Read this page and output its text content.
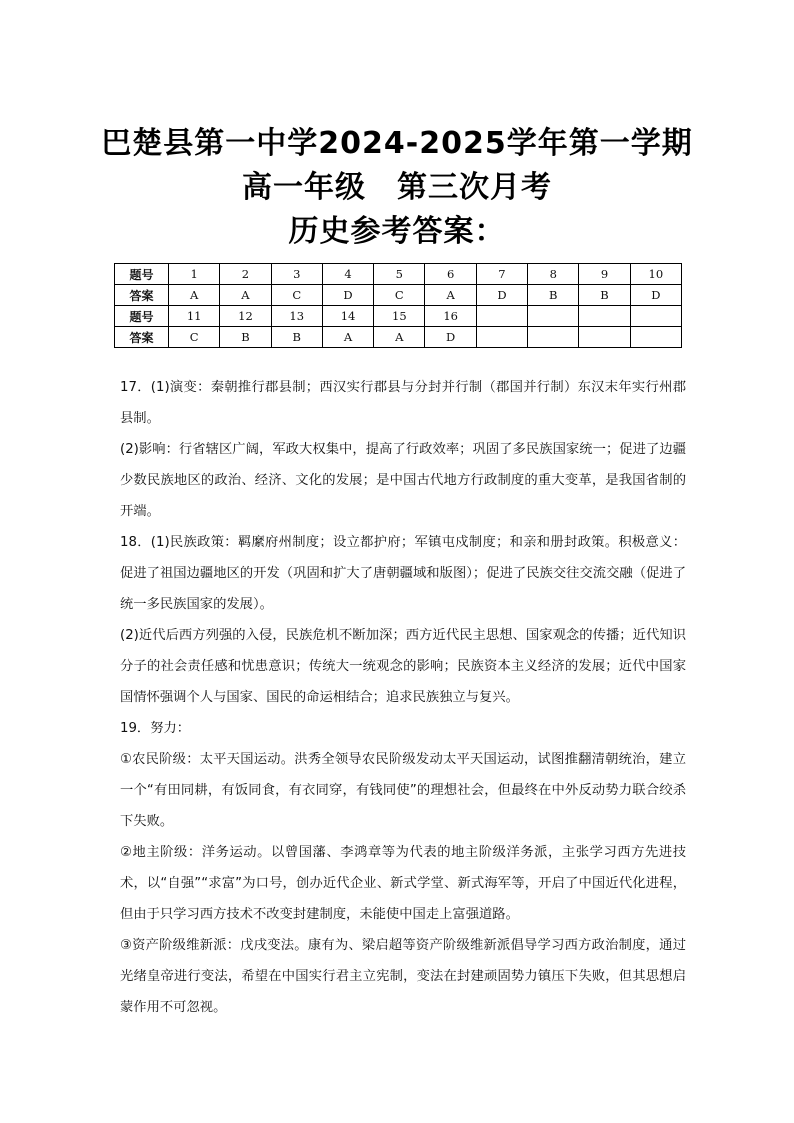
巴楚县第一中学2024-2025学年第一学期
高一年级　第三次月考
历史参考答案：
题号	1	2	3	4	5	6	7	8	9	10
答案	A	A	C	D	C	A	D	B	B	D
题号	11	12	13	14	15	16				
答案	C	B	B	A	A	D				

17．(1)演变：秦朝推行郡县制；西汉实行郡县与分封并行制（郡国并行制）东汉末年实行州郡县制。

(2)影响：行省辖区广阔，军政大权集中，提高了行政效率；巩固了多民族国家统一；促进了边疆少数民族地区的政治、经济、文化的发展；是中国古代地方行政制度的重大变革，是我国省制的开端。

18．(1)民族政策：羁縻府州制度；设立都护府；军镇屯戍制度；和亲和册封政策。积极意义：促进了祖国边疆地区的开发（巩固和扩大了唐朝疆域和版图）；促进了民族交往交流交融（促进了统一多民族国家的发展）。

(2)近代后西方列强的入侵，民族危机不断加深；西方近代民主思想、国家观念的传播；近代知识分子的社会责任感和忧患意识；传统大一统观念的影响；民族资本主义经济的发展；近代中国家国情怀强调个人与国家、国民的命运相结合；追求民族独立与复兴。

19．努力：

①农民阶级：太平天国运动。洪秀全领导农民阶级发动太平天国运动，试图推翻清朝统治，建立一个“有田同耕，有饭同食，有衣同穿，有钱同使”的理想社会，但最终在中外反动势力联合绞杀下失败。

②地主阶级：洋务运动。以曾国藩、李鸿章等为代表的地主阶级洋务派，主张学习西方先进技术，以“自强”“求富”为口号，创办近代企业、新式学堂、新式海军等，开启了中国近代化进程，但由于只学习西方技术不改变封建制度，未能使中国走上富强道路。

③资产阶级维新派：戊戌变法。康有为、梁启超等资产阶级维新派倡导学习西方政治制度，通过光绪皇帝进行变法，希望在中国实行君主立宪制，变法在封建顽固势力镇压下失败，但其思想启蒙作用不可忽视。
